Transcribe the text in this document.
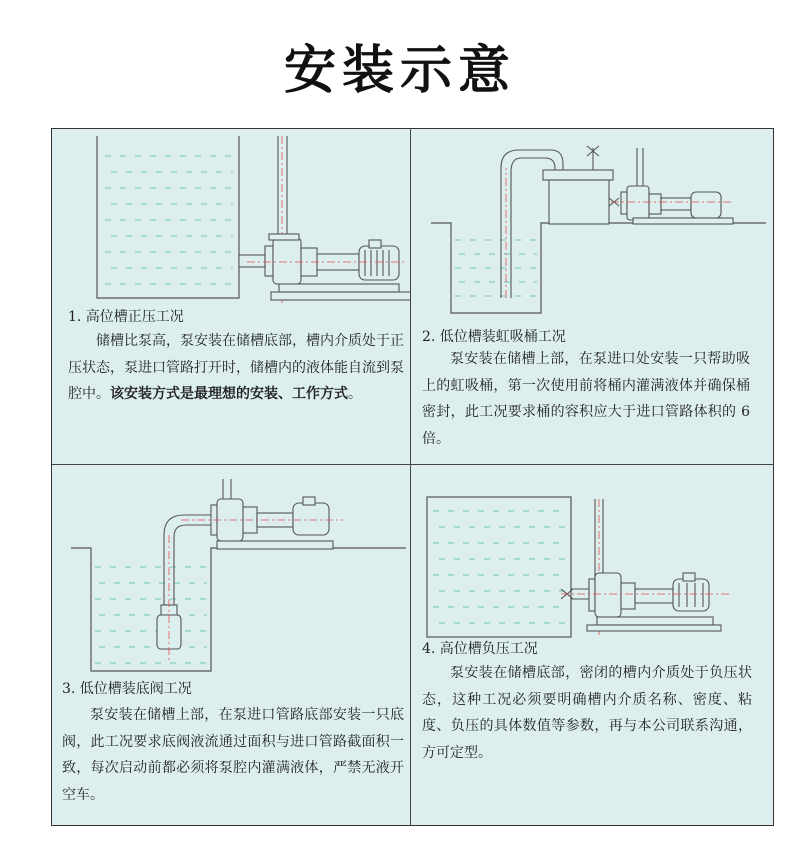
安装示意
1. 高位槽正压工况
储槽比泵高，泵安装在储槽底部，槽内介质处于正压状态，泵进口管路打开时，储槽内的液体能自流到泵腔中。该安装方式是最理想的安装、工作方式。
2. 低位槽装虹吸桶工况
泵安装在储槽上部，在泵进口处安装一只帮助吸上的虹吸桶，第一次使用前将桶内灌满液体并确保桶密封，此工况要求桶的容积应大于进口管路体积的 6 倍。
3. 低位槽装底阀工况
泵安装在储槽上部，在泵进口管路底部安装一只底阀，此工况要求底阀液流通过面积与进口管路截面积一致，每次启动前都必须将泵腔内灌满液体，严禁无液开空车。
4. 高位槽负压工况
泵安装在储槽底部，密闭的槽内介质处于负压状态，这种工况必须要明确槽内介质名称、密度、粘度、负压的具体数值等参数，再与本公司联系沟通，方可定型。
